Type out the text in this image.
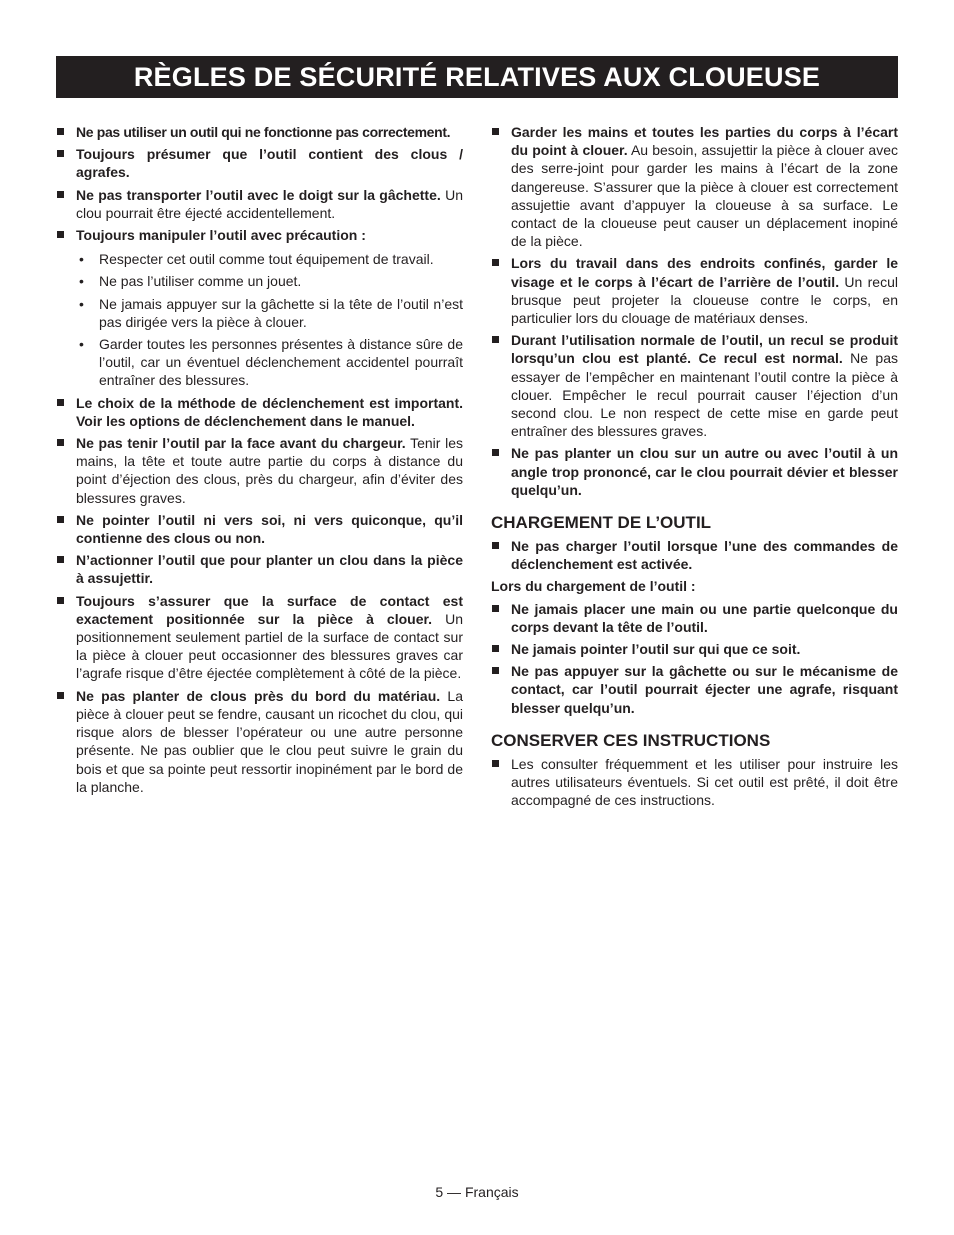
RÈGLES DE SÉCURITÉ RELATIVES AUX CLOUEUSE
Ne pas utiliser un outil qui ne fonctionne pas correctement.
Toujours présumer que l’outil contient des clous / agrafes.
Ne pas transporter l’outil avec le doigt sur la gâchette. Un clou pourrait être éjecté accidentellement.
Toujours manipuler l’outil avec précaution :
• Respecter cet outil comme tout équipement de travail.
• Ne pas l’utiliser comme un jouet.
• Ne jamais appuyer sur la gâchette si la tête de l’outil n’est pas dirigée vers la pièce à clouer.
• Garder toutes les personnes présentes à distance sûre de l’outil, car un éventuel déclenchement accidentel pourraît entraîner des blessures.
Le choix de la méthode de déclenchement est important. Voir les options de déclenchement dans le manuel.
Ne pas tenir l’outil par la face avant du chargeur. Tenir les mains, la tête et toute autre partie du corps à distance du point d’éjection des clous, près du chargeur, afin d’éviter des blessures graves.
Ne pointer l’outil ni vers soi, ni vers quiconque, qu’il contienne des clous ou non.
N’actionner l’outil que pour planter un clou dans la pièce à assujettir.
Toujours s’assurer que la surface de contact est exactement positionnée sur la pièce à clouer. Un positionnement seulement partiel de la surface de contact sur la pièce à clouer peut occasionner des blessures graves car l’agrafe risque d’être éjectée complètement à côté de la pièce.
Ne pas planter de clous près du bord du matériau. La pièce à clouer peut se fendre, causant un ricochet du clou, qui risque alors de blesser l’opérateur ou une autre personne présente. Ne pas oublier que le clou peut suivre le grain du bois et que sa pointe peut ressortir inopinément par le bord de la planche.
Garder les mains et toutes les parties du corps à l’écart du point à clouer. Au besoin, assujettir la pièce à clouer avec des serre-joint pour garder les mains à l’écart de la zone dangereuse. S’assurer que la pièce à clouer est correctement assujettie avant d’appuyer la cloueuse à sa surface. Le contact de la cloueuse peut causer un déplacement inopiné de la pièce.
Lors du travail dans des endroits confinés, garder le visage et le corps à l’écart de l’arrière de l’outil. Un recul brusque peut projeter la cloueuse contre le corps, en particulier lors du clouage de matériaux denses.
Durant l’utilisation normale de l’outil, un recul se produit lorsqu’un clou est planté. Ce recul est normal. Ne pas essayer de l’empêcher en maintenant l’outil contre la pièce à clouer. Empêcher le recul pourrait causer l’éjection d’un second clou. Le non respect de cette mise en garde peut entraîner des blessures graves.
Ne pas planter un clou sur un autre ou avec l’outil à un angle trop prononcé, car le clou pourrait dévier et blesser quelqu’un.
CHARGEMENT DE L’OUTIL
Ne pas charger l’outil lorsque l’une des commandes de déclenchement est activée.
Lors du chargement de l’outil :
Ne jamais placer une main ou une partie quelconque du corps devant la tête de l’outil.
Ne jamais pointer l’outil sur qui que ce soit.
Ne pas appuyer sur la gâchette ou sur le mécanisme de contact, car l’outil pourrait éjecter une agrafe, risquant blesser quelqu’un.
CONSERVER CES INSTRUCTIONS
Les consulter fréquemment et les utiliser pour instruire les autres utilisateurs éventuels. Si cet outil est prêté, il doit être accompagné de ces instructions.
5 — Français
